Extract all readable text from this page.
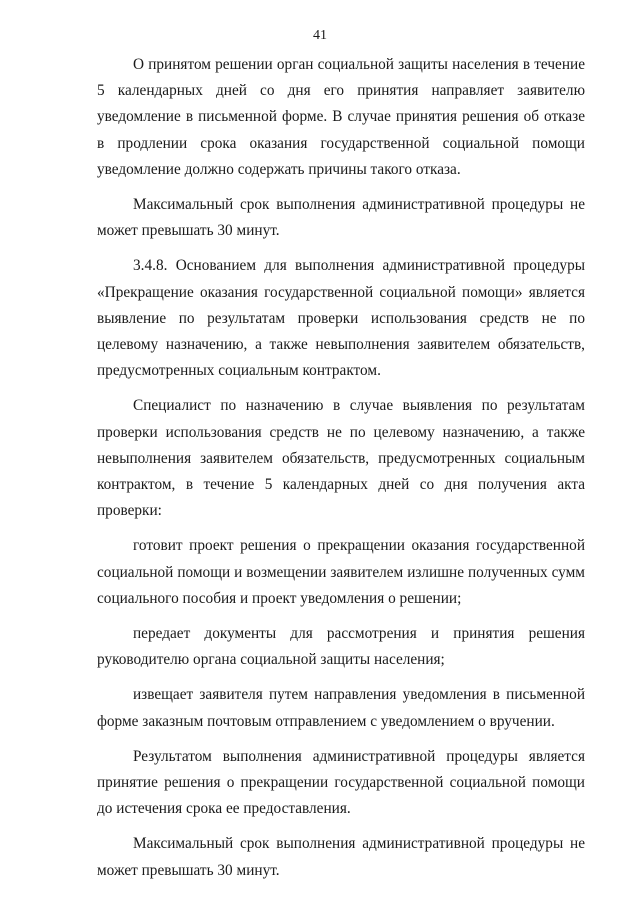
41

О принятом решении орган социальной защиты населения в течение 5 календарных дней со дня его принятия направляет заявителю уведомление в письменной форме. В случае принятия решения об отказе в продлении срока оказания государственной социальной помощи уведомление должно содержать причины такого отказа.

Максимальный срок выполнения административной процедуры не может превышать 30 минут.

3.4.8. Основанием для выполнения административной процедуры «Прекращение оказания государственной социальной помощи» является выявление по результатам проверки использования средств не по целевому назначению, а также невыполнения заявителем обязательств, предусмотренных социальным контрактом.

Специалист по назначению в случае выявления по результатам проверки использования средств не по целевому назначению, а также невыполнения заявителем обязательств, предусмотренных социальным контрактом, в течение 5 календарных дней со дня получения акта проверки:

готовит проект решения о прекращении оказания государственной социальной помощи и возмещении заявителем излишне полученных сумм социального пособия и проект уведомления о решении;

передает документы для рассмотрения и принятия решения руководителю органа социальной защиты населения;

извещает заявителя путем направления уведомления в письменной форме заказным почтовым отправлением с уведомлением о вручении.

Результатом выполнения административной процедуры является принятие решения о прекращении государственной социальной помощи до истечения срока ее предоставления.

Максимальный срок выполнения административной процедуры не может превышать 30 минут.
